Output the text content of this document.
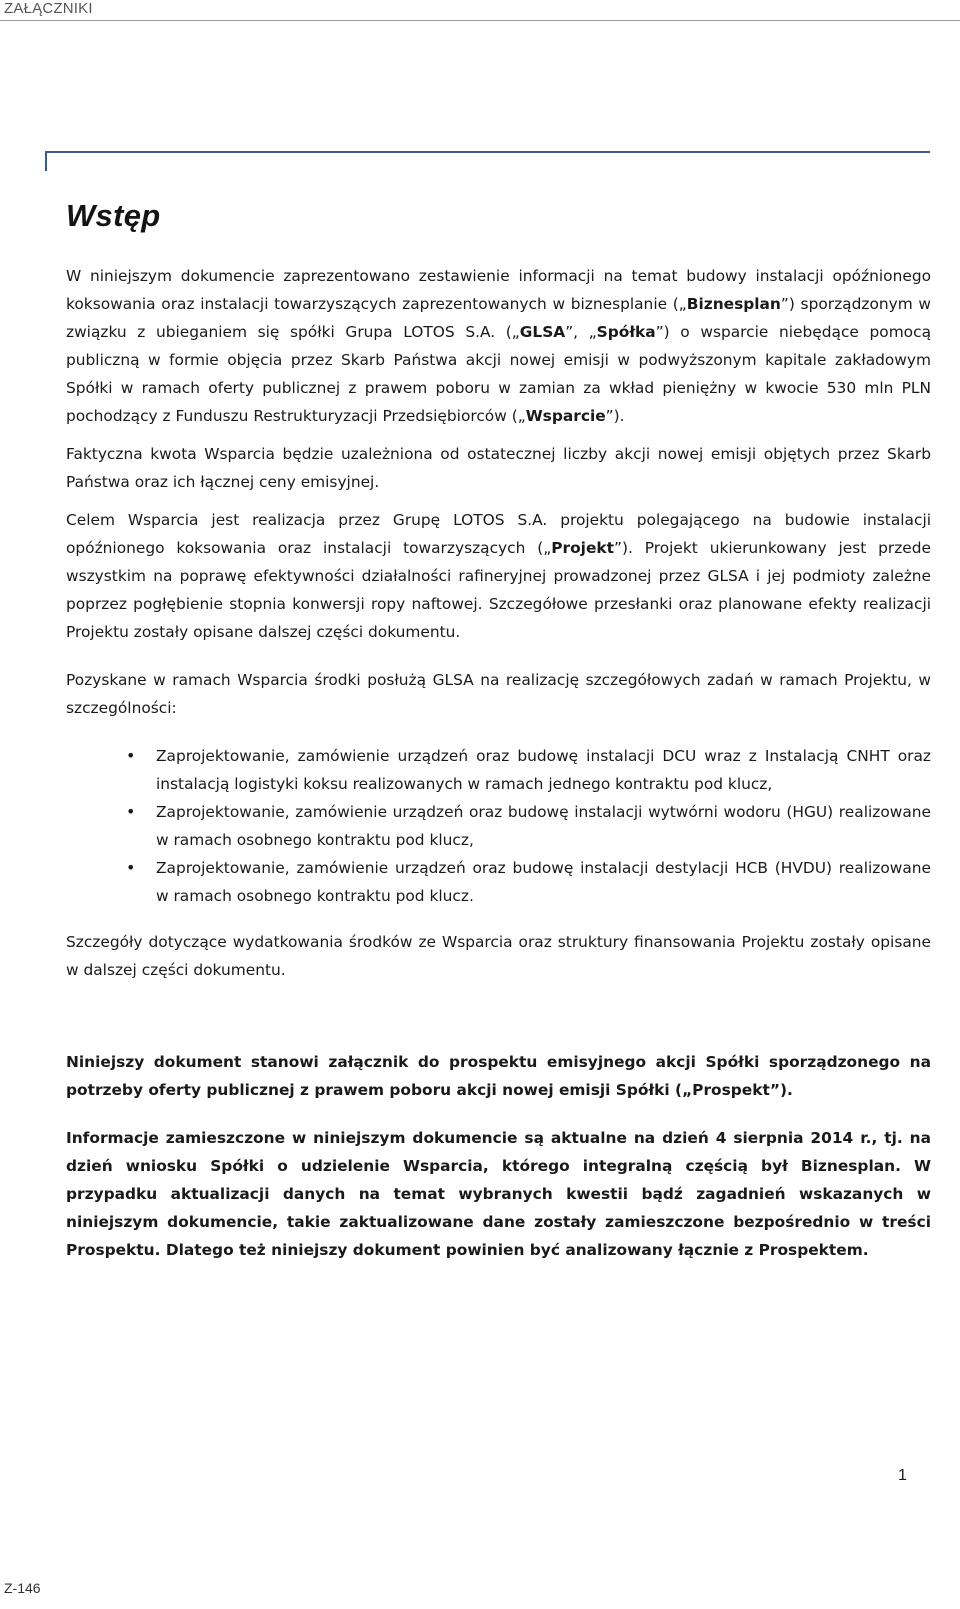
ZAŁĄCZNIKI
Wstęp

W niniejszym dokumencie zaprezentowano zestawienie informacji na temat budowy instalacji opóźnionego koksowania oraz instalacji towarzyszących zaprezentowanych w biznesplanie („Biznesplan”) sporządzonym w związku z ubieganiem się spółki Grupa LOTOS S.A. („GLSA”, „Spółka”) o wsparcie niebędące pomocą publiczną w formie objęcia przez Skarb Państwa akcji nowej emisji w podwyższonym kapitale zakładowym Spółki w ramach oferty publicznej z prawem poboru w zamian za wkład pieniężny w kwocie 530 mln PLN pochodzący z Funduszu Restrukturyzacji Przedsiębiorców („Wsparcie”).

Faktyczna kwota Wsparcia będzie uzależniona od ostatecznej liczby akcji nowej emisji objętych przez Skarb Państwa oraz ich łącznej ceny emisyjnej.

Celem Wsparcia jest realizacja przez Grupę LOTOS S.A. projektu polegającego na budowie instalacji opóźnionego koksowania oraz instalacji towarzyszących („Projekt”). Projekt ukierunkowany jest przede wszystkim na poprawę efektywności działalności rafineryjnej prowadzonej przez GLSA i jej podmioty zależne poprzez pogłębienie stopnia konwersji ropy naftowej. Szczegółowe przesłanki oraz planowane efekty realizacji Projektu zostały opisane dalszej części dokumentu.

Pozyskane w ramach Wsparcia środki posłużą GLSA na realizację szczegółowych zadań w ramach Projektu, w szczególności:

• Zaprojektowanie, zamówienie urządzeń oraz budowę instalacji DCU wraz z Instalacją CNHT oraz instalacją logistyki koksu realizowanych w ramach jednego kontraktu pod klucz,
• Zaprojektowanie, zamówienie urządzeń oraz budowę instalacji wytwórni wodoru (HGU) realizowane w ramach osobnego kontraktu pod klucz,
• Zaprojektowanie, zamówienie urządzeń oraz budowę instalacji destylacji HCB (HVDU) realizowane w ramach osobnego kontraktu pod klucz.

Szczegóły dotyczące wydatkowania środków ze Wsparcia oraz struktury finansowania Projektu zostały opisane w dalszej części dokumentu.

Niniejszy dokument stanowi załącznik do prospektu emisyjnego akcji Spółki sporządzonego na potrzeby oferty publicznej z prawem poboru akcji nowej emisji Spółki („Prospekt”).

Informacje zamieszczone w niniejszym dokumencie są aktualne na dzień 4 sierpnia 2014 r., tj. na dzień wniosku Spółki o udzielenie Wsparcia, którego integralną częścią był Biznesplan. W przypadku aktualizacji danych na temat wybranych kwestii bądź zagadnień wskazanych w niniejszym dokumencie, takie zaktualizowane dane zostały zamieszczone bezpośrednio w treści Prospektu. Dlatego też niniejszy dokument powinien być analizowany łącznie z Prospektem.

1
Z-146
